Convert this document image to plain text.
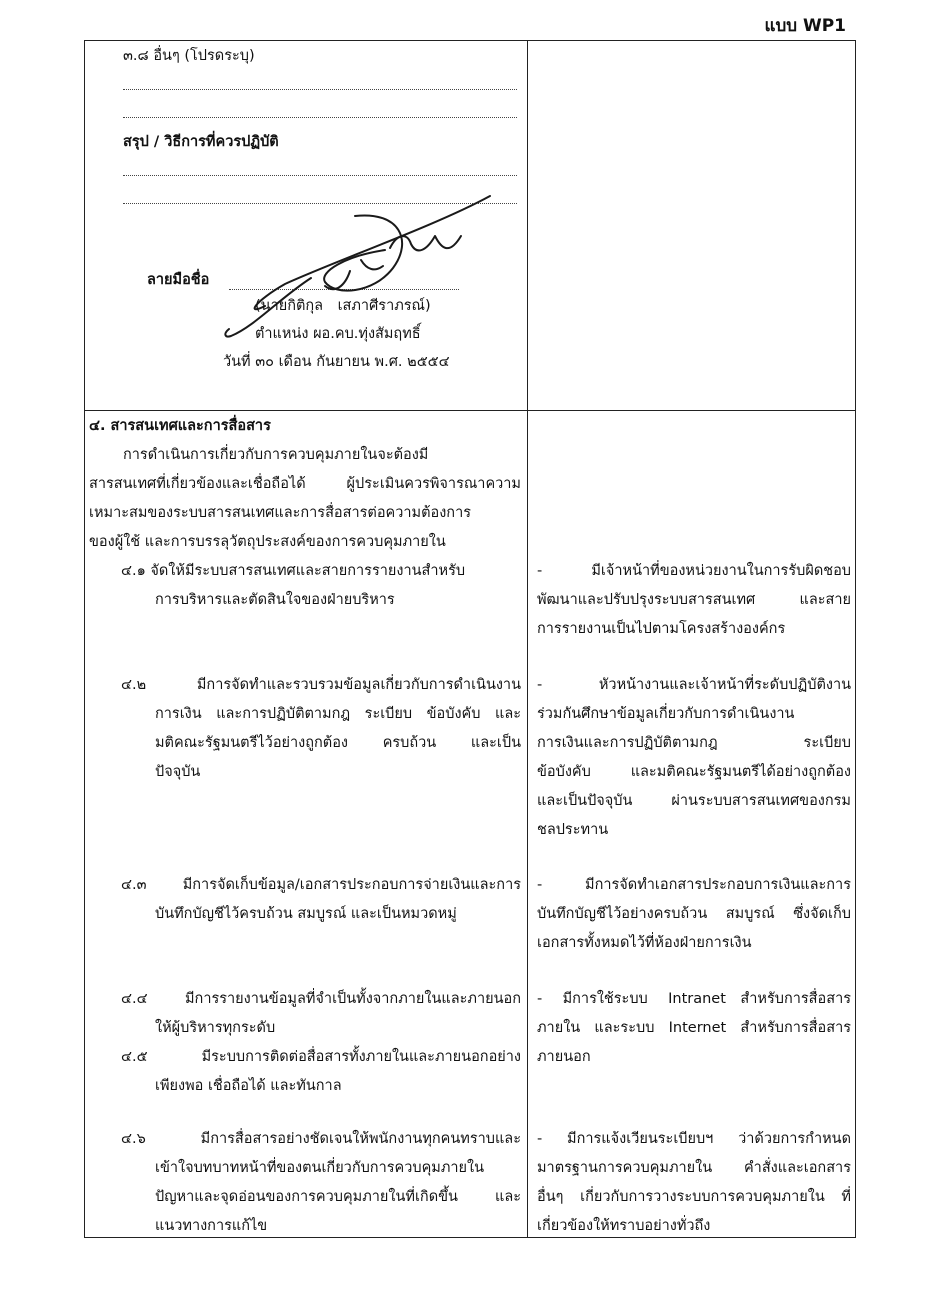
แบบ WP1
๓.๘ อื่นๆ (โปรดระบุ)
สรุป / วิธีการที่ควรปฏิบัติ
ลายมือชื่อ
(นายกิติกุล เสภาศีราภรณ์)
ตำแหน่ง ผอ.คบ.ทุ่งสัมฤทธิ์
วันที่ ๓๐ เดือน กันยายน พ.ศ. ๒๕๕๔
๔. สารสนเทศและการสื่อสาร
การดำเนินการเกี่ยวกับการควบคุมภายในจะต้องมี
สารสนเทศที่เกี่ยวข้องและเชื่อถือได้ ผู้ประเมินควรพิจารณาความ
เหมาะสมของระบบสารสนเทศและการสื่อสารต่อความต้องการ
ของผู้ใช้ และการบรรลุวัตถุประสงค์ของการควบคุมภายใน
๔.๑ จัดให้มีระบบสารสนเทศและสายการรายงานสำหรับ
การบริหารและตัดสินใจของฝ่ายบริหาร
- มีเจ้าหน้าที่ของหน่วยงานในการรับผิดชอบ
พัฒนาและปรับปรุงระบบสารสนเทศ และสาย
การรายงานเป็นไปตามโครงสร้างองค์กร
๔.๒ มีการจัดทำและรวบรวมข้อมูลเกี่ยวกับการดำเนินงาน
การเงิน และการปฏิบัติตามกฎ ระเบียบ ข้อบังคับ และ
มติคณะรัฐมนตรีไว้อย่างถูกต้อง ครบถ้วน และเป็น
ปัจจุบัน
- หัวหน้างานและเจ้าหน้าที่ระดับปฏิบัติงาน
ร่วมกันศึกษาข้อมูลเกี่ยวกับการดำเนินงาน
การเงินและการปฏิบัติตามกฎ ระเบียบ
ข้อบังคับ และมติคณะรัฐมนตรีได้อย่างถูกต้อง
และเป็นปัจจุบัน ผ่านระบบสารสนเทศของกรม
ชลประทาน
๔.๓ มีการจัดเก็บข้อมูล/เอกสารประกอบการจ่ายเงินและการ
บันทึกบัญชีไว้ครบถ้วน สมบูรณ์ และเป็นหมวดหมู่
- มีการจัดทำเอกสารประกอบการเงินและการ
บันทึกบัญชีไว้อย่างครบถ้วน สมบูรณ์ ซึ่งจัดเก็บ
เอกสารทั้งหมดไว้ที่ห้องฝ่ายการเงิน
๔.๔ มีการรายงานข้อมูลที่จำเป็นทั้งจากภายในและภายนอก
ให้ผู้บริหารทุกระดับ
๔.๕ มีระบบการติดต่อสื่อสารทั้งภายในและภายนอกอย่าง
เพียงพอ เชื่อถือได้ และทันกาล
- มีการใช้ระบบ Intranet สำหรับการสื่อสาร
ภายใน และระบบ Internet สำหรับการสื่อสาร
ภายนอก
๔.๖ มีการสื่อสารอย่างชัดเจนให้พนักงานทุกคนทราบและ
เข้าใจบทบาทหน้าที่ของตนเกี่ยวกับการควบคุมภายใน
ปัญหาและจุดอ่อนของการควบคุมภายในที่เกิดขึ้น และ
แนวทางการแก้ไข
- มีการแจ้งเวียนระเบียบฯ ว่าด้วยการกำหนด
มาตรฐานการควบคุมภายใน คำสั่งและเอกสาร
อื่นๆ เกี่ยวกับการวางระบบการควบคุมภายใน ที่
เกี่ยวข้องให้ทราบอย่างทั่วถึง
